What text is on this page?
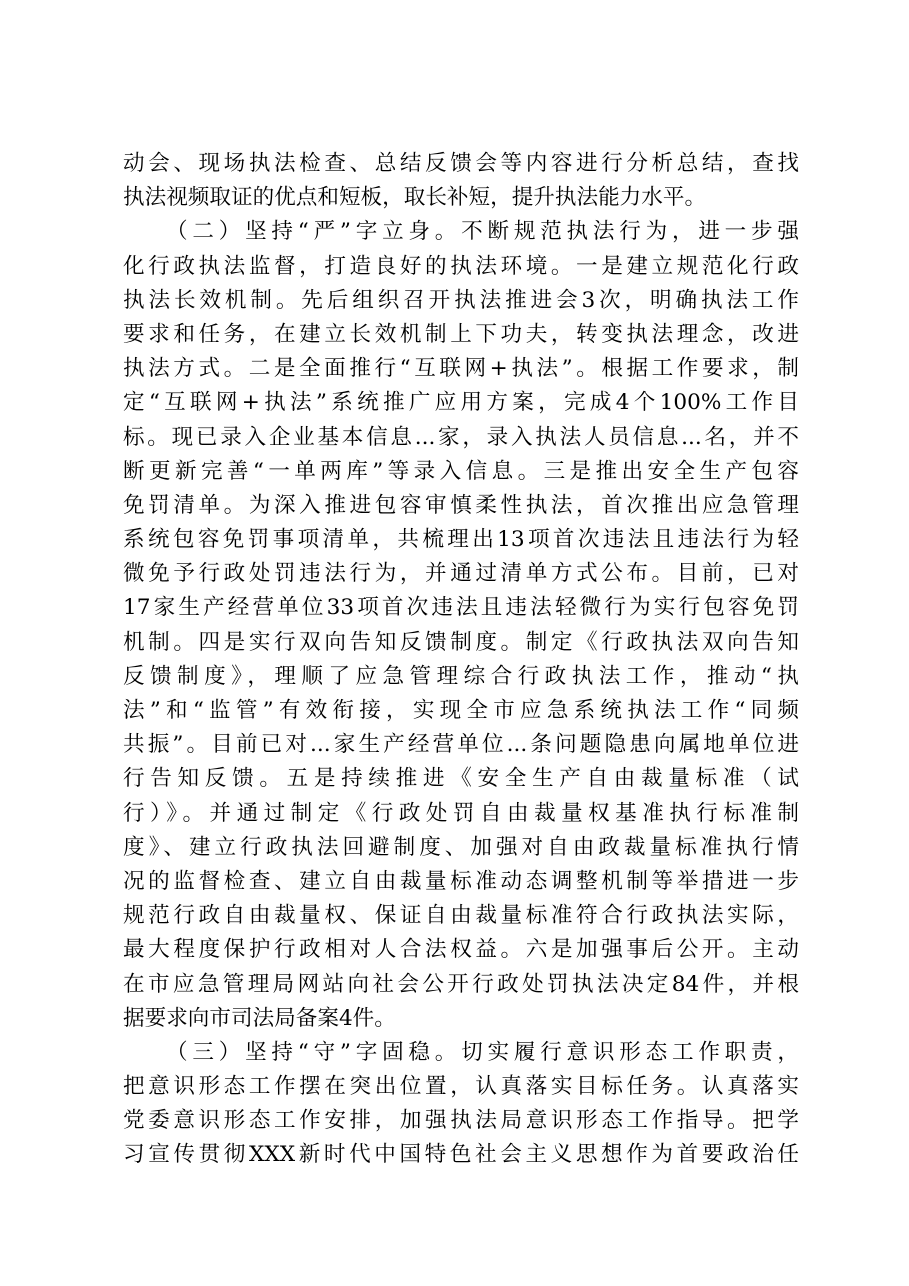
动会、现场执法检查、总结反馈会等内容进行分析总结，查找
执法视频取证的优点和短板，取长补短，提升执法能力水平。
（二）坚持“严”字立身。不断规范执法行为，进一步强
化行政执法监督，打造良好的执法环境。一是建立规范化行政
执法长效机制。先后组织召开执法推进会3次，明确执法工作
要求和任务，在建立长效机制上下功夫，转变执法理念，改进
执法方式。二是全面推行“互联网+执法”。根据工作要求，制
定“互联网+执法”系统推广应用方案，完成4个100%工作目
标。现已录入企业基本信息...家，录入执法人员信息...名，并不
断更新完善“一单两库”等录入信息。三是推出安全生产包容
免罚清单。为深入推进包容审慎柔性执法，首次推出应急管理
系统包容免罚事项清单，共梳理出13项首次违法且违法行为轻
微免予行政处罚违法行为，并通过清单方式公布。目前，已对
17家生产经营单位33项首次违法且违法轻微行为实行包容免罚
机制。四是实行双向告知反馈制度。制定《行政执法双向告知
反馈制度》，理顺了应急管理综合行政执法工作，推动“执
法”和“监管”有效衔接，实现全市应急系统执法工作“同频
共振”。目前已对...家生产经营单位...条问题隐患向属地单位进
行告知反馈。五是持续推进《安全生产自由裁量标准（试
行）》。并通过制定《行政处罚自由裁量权基准执行标准制
度》、建立行政执法回避制度、加强对自由政裁量标准执行情
况的监督检查、建立自由裁量标准动态调整机制等举措进一步
规范行政自由裁量权、保证自由裁量标准符合行政执法实际，
最大程度保护行政相对人合法权益。六是加强事后公开。主动
在市应急管理局网站向社会公开行政处罚执法决定84件，并根
据要求向市司法局备案4件。
（三）坚持“守”字固稳。切实履行意识形态工作职责，
把意识形态工作摆在突出位置，认真落实目标任务。认真落实
党委意识形态工作安排，加强执法局意识形态工作指导。把学
习宣传贯彻XXX新时代中国特色社会主义思想作为首要政治任
